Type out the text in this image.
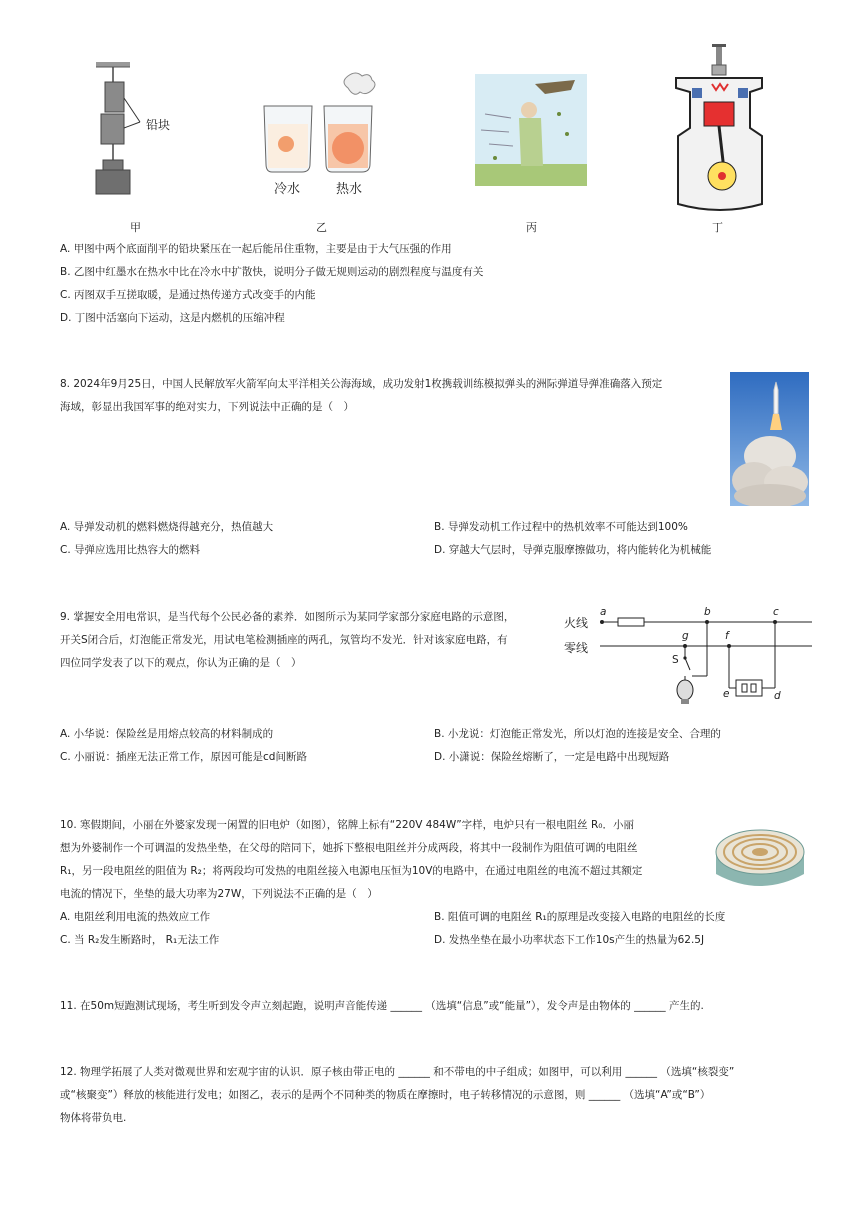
铅块
甲
冷水	热水
乙	丙	丁
A. 甲图中两个底面削平的铅块紧压在一起后能吊住重物，主要是由于大气压强的作用
B. 乙图中红墨水在热水中比在冷水中扩散快，说明分子做无规则运动的剧烈程度与温度有关
C. 丙图双手互搓取暖，是通过热传递方式改变手的内能
D. 丁图中活塞向下运动，这是内燃机的压缩冲程
8. 2024年9月25日，中国人民解放军火箭军向太平洋相关公海海域，成功发射1枚携载训练模拟弹头的洲际弹道导弹准确落入预定
海域，彰显出我国军事的绝对实力，下列说法中正确的是（　）
A. 导弹发动机的燃料燃烧得越充分，热值越大	B. 导弹发动机工作过程中的热机效率不可能达到100%
C. 导弹应选用比热容大的燃料	D. 穿越大气层时，导弹克服摩擦做功，将内能转化为机械能
9. 掌握安全用电常识，是当代每个公民必备的素养．如图所示为某同学家部分家庭电路的示意图，
开关S闭合后，灯泡能正常发光，用试电笔检测插座的两孔，氖管均不发光．针对该家庭电路，有
四位同学发表了以下的观点，你认为正确的是（　）
火线
零线
a	b	c
g	f
S
e	d
A. 小华说：保险丝是用熔点较高的材料制成的	B. 小龙说：灯泡能正常发光，所以灯泡的连接是安全、合理的
C. 小丽说：插座无法正常工作，原因可能是cd间断路	D. 小潇说：保险丝熔断了，一定是电路中出现短路
10. 寒假期间，小丽在外婆家发现一闲置的旧电炉（如图），铭牌上标有“220V 484W”字样，电炉只有一根电阻丝 R₀．小丽
想为外婆制作一个可调温的发热坐垫，在父母的陪同下，她拆下整根电阻丝并分成两段，将其中一段制作为阻值可调的电阻丝
R₁，另一段电阻丝的阻值为 R₂；将两段均可发热的电阻丝接入电源电压恒为10V的电路中，在通过电阻丝的电流不超过其额定
电流的情况下，坐垫的最大功率为27W，下列说法不正确的是（　）
A. 电阻丝利用电流的热效应工作	B. 阻值可调的电阻丝 R₁的原理是改变接入电路的电阻丝的长度
C. 当 R₂发生断路时， R₁无法工作	D. 发热坐垫在最小功率状态下工作10s产生的热量为62.5J
11. 在50m短跑测试现场，考生听到发令声立刻起跑，说明声音能传递 ______ （选填“信息”或“能量”），发令声是由物体的 ______ 产生的.
12. 物理学拓展了人类对微观世界和宏观宇宙的认识．原子核由带正电的 ______ 和不带电的中子组成；如图甲，可以利用 ______ （选填“核裂变”
或“核聚变”）释放的核能进行发电；如图乙，表示的是两个不同种类的物质在摩擦时，电子转移情况的示意图，则 ______ （选填“A”或“B”）
物体将带负电.
